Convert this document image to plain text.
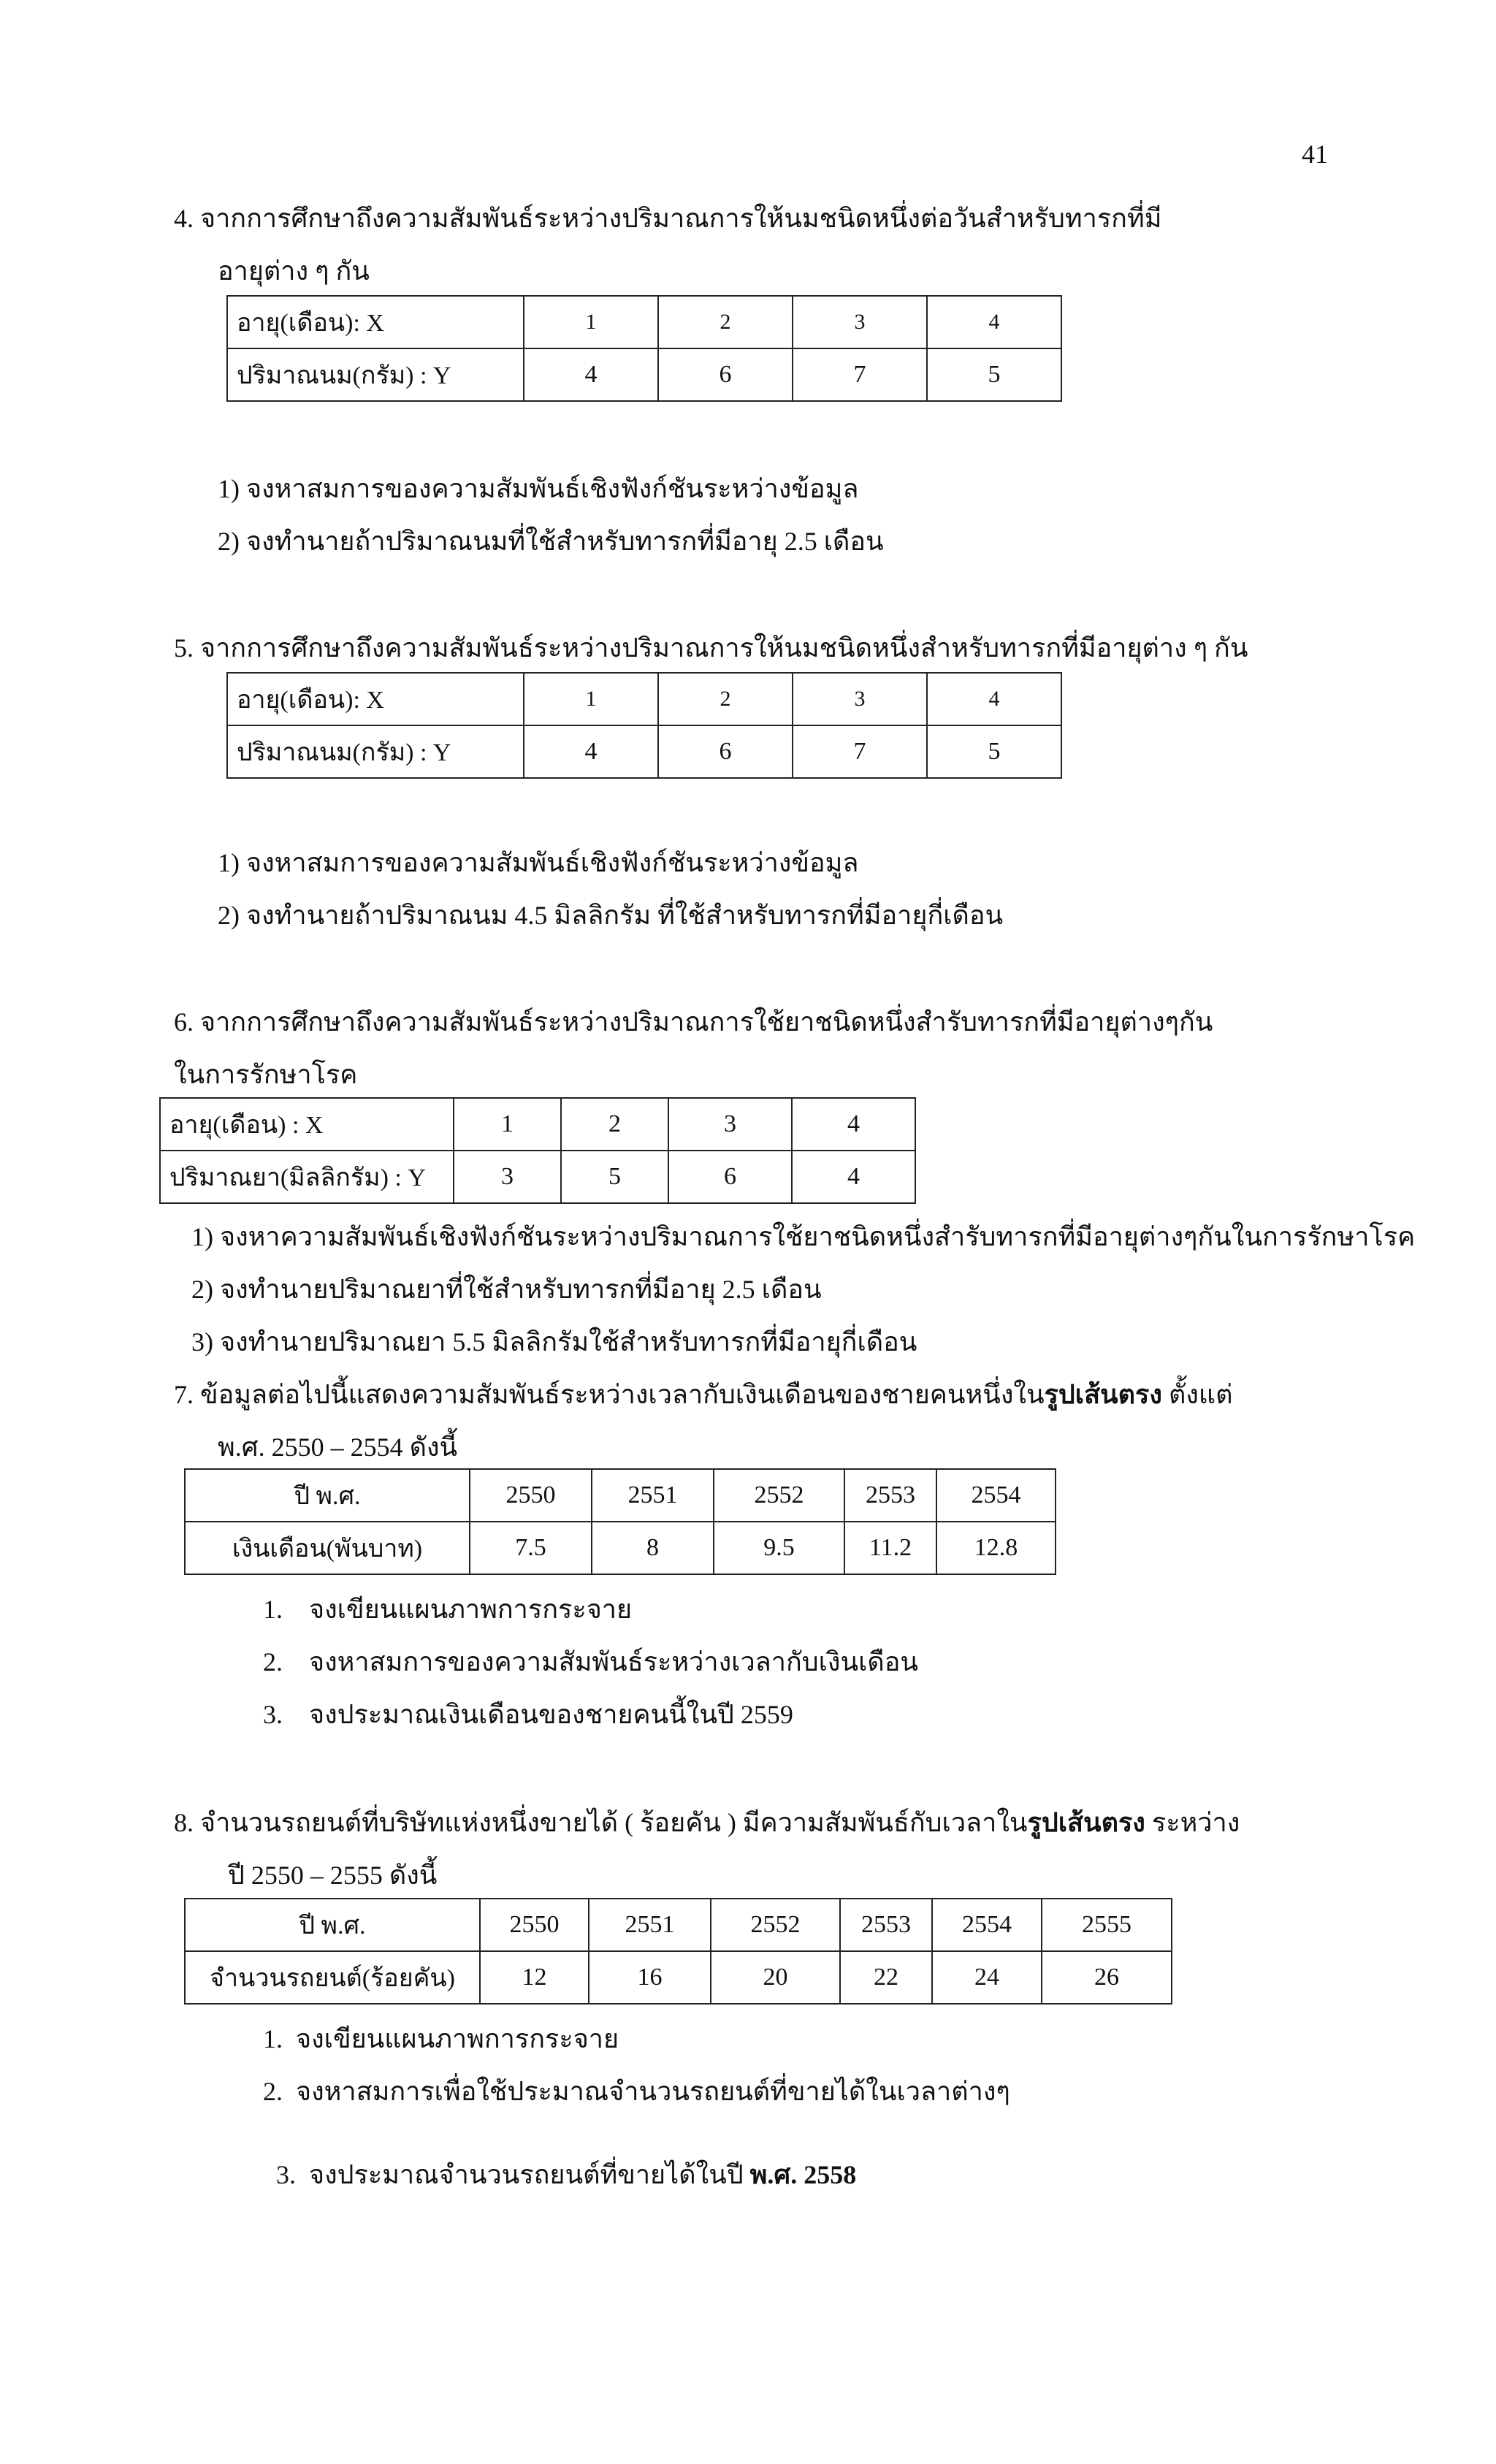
41
4. จากการศึกษาถึงความสัมพันธ์ระหว่างปริมาณการให้นมชนิดหนึ่งต่อวันสำหรับทารกที่มี
อายุต่าง ๆ กัน
อายุ(เดือน): X	1	2	3	4
ปริมาณนม(กรัม) : Y	4	6	7	5
1) จงหาสมการของความสัมพันธ์เชิงฟังก์ชันระหว่างข้อมูล
2) จงทำนายถ้าปริมาณนมที่ใช้สำหรับทารกที่มีอายุ 2.5 เดือน
5. จากการศึกษาถึงความสัมพันธ์ระหว่างปริมาณการให้นมชนิดหนึ่งสำหรับทารกที่มีอายุต่าง ๆ กัน
อายุ(เดือน): X	1	2	3	4
ปริมาณนม(กรัม) : Y	4	6	7	5
1) จงหาสมการของความสัมพันธ์เชิงฟังก์ชันระหว่างข้อมูล
2) จงทำนายถ้าปริมาณนม 4.5 มิลลิกรัม ที่ใช้สำหรับทารกที่มีอายุกี่เดือน
6. จากการศึกษาถึงความสัมพันธ์ระหว่างปริมาณการใช้ยาชนิดหนึ่งสำรับทารกที่มีอายุต่างๆกัน
ในการรักษาโรค
อายุ(เดือน) : X	1	2	3	4
ปริมาณยา(มิลลิกรัม) : Y	3	5	6	4
1) จงหาความสัมพันธ์เชิงฟังก์ชันระหว่างปริมาณการใช้ยาชนิดหนึ่งสำรับทารกที่มีอายุต่างๆกันในการรักษาโรค
2) จงทำนายปริมาณยาที่ใช้สำหรับทารกที่มีอายุ 2.5 เดือน
3) จงทำนายปริมาณยา 5.5 มิลลิกรัมใช้สำหรับทารกที่มีอายุกี่เดือน
7. ข้อมูลต่อไปนี้แสดงความสัมพันธ์ระหว่างเวลากับเงินเดือนของชายคนหนึ่งในรูปเส้นตรง ตั้งแต่
พ.ศ. 2550 – 2554 ดังนี้
ปี พ.ศ.	2550	2551	2552	2553	2554
เงินเดือน(พันบาท)	7.5	8	9.5	11.2	12.8
1.    จงเขียนแผนภาพการกระจาย
2.    จงหาสมการของความสัมพันธ์ระหว่างเวลากับเงินเดือน
3.    จงประมาณเงินเดือนของชายคนนี้ในปี 2559
8. จำนวนรถยนต์ที่บริษัทแห่งหนึ่งขายได้ ( ร้อยคัน ) มีความสัมพันธ์กับเวลาในรูปเส้นตรง ระหว่าง
ปี 2550 – 2555 ดังนี้
ปี พ.ศ.	2550	2551	2552	2553	2554	2555
จำนวนรถยนต์(ร้อยคัน)	12	16	20	22	24	26
1.  จงเขียนแผนภาพการกระจาย
2.  จงหาสมการเพื่อใช้ประมาณจำนวนรถยนต์ที่ขายได้ในเวลาต่างๆ

3.  จงประมาณจำนวนรถยนต์ที่ขายได้ในปี พ.ศ. 2558
